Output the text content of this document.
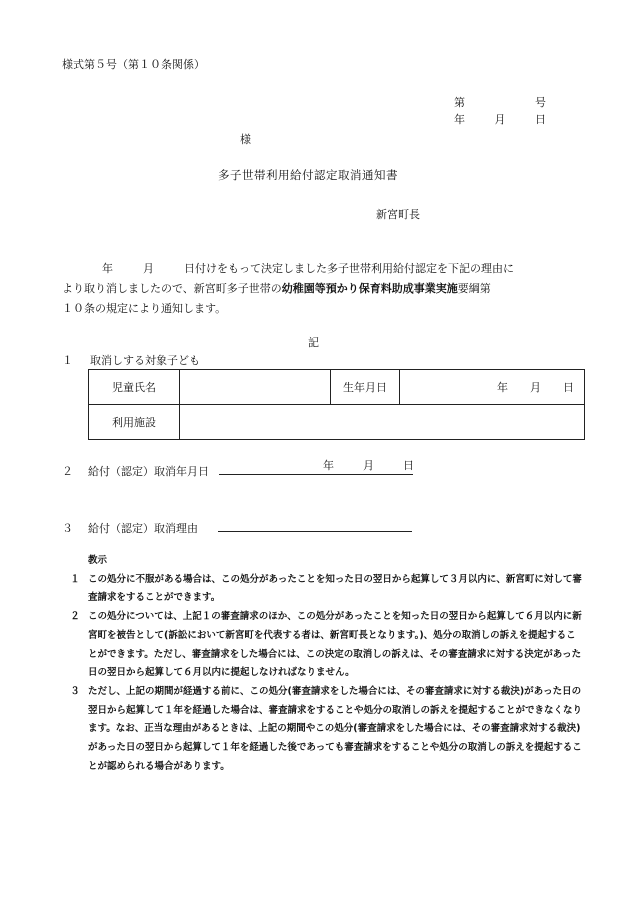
様式第５号（第１０条関係）
第	号
年	月	日
様
多子世帯利用給付認定取消通知書
新宮町長

年	月	日付けをもって決定しました多子世帯利用給付認定を下記の理由に

より取り消しましたので、新宮町多子世帯の幼稚園等預かり保育料助成事業実施要綱第

１０条の規定により通知します。

記
１ 取消しする対象子ども
児童氏名		生年月日	年 月 日
利用施設			
２	給付（認定）取消年月日	年	月	日
３	給付（認定）取消理由
教示
１ この処分に不服がある場合は、この処分があったことを知った日の翌日から起算して３月以内に、新宮町に対して審査請求をすることができます。
２ この処分については、上記１の審査請求のほか、この処分があったことを知った日の翌日から起算して６月以内に新宮町を被告として(訴訟において新宮町を代表する者は、新宮町長となります。)、処分の取消しの訴えを提起することができます。ただし、審査請求をした場合には、この決定の取消しの訴えは、その審査請求に対する決定があった日の翌日から起算して６月以内に提起しなければなりません。
３ ただし、上記の期間が経過する前に、この処分(審査請求をした場合には、その審査請求に対する裁決)があった日の翌日から起算して１年を経過した場合は、審査請求をすることや処分の取消しの訴えを提起することができなくなります。なお、正当な理由があるときは、上記の期間やこの処分(審査請求をした場合には、その審査請求対する裁決)があった日の翌日から起算して１年を経過した後であっても審査請求をすることや処分の取消しの訴えを提起することが認められる場合があります。
